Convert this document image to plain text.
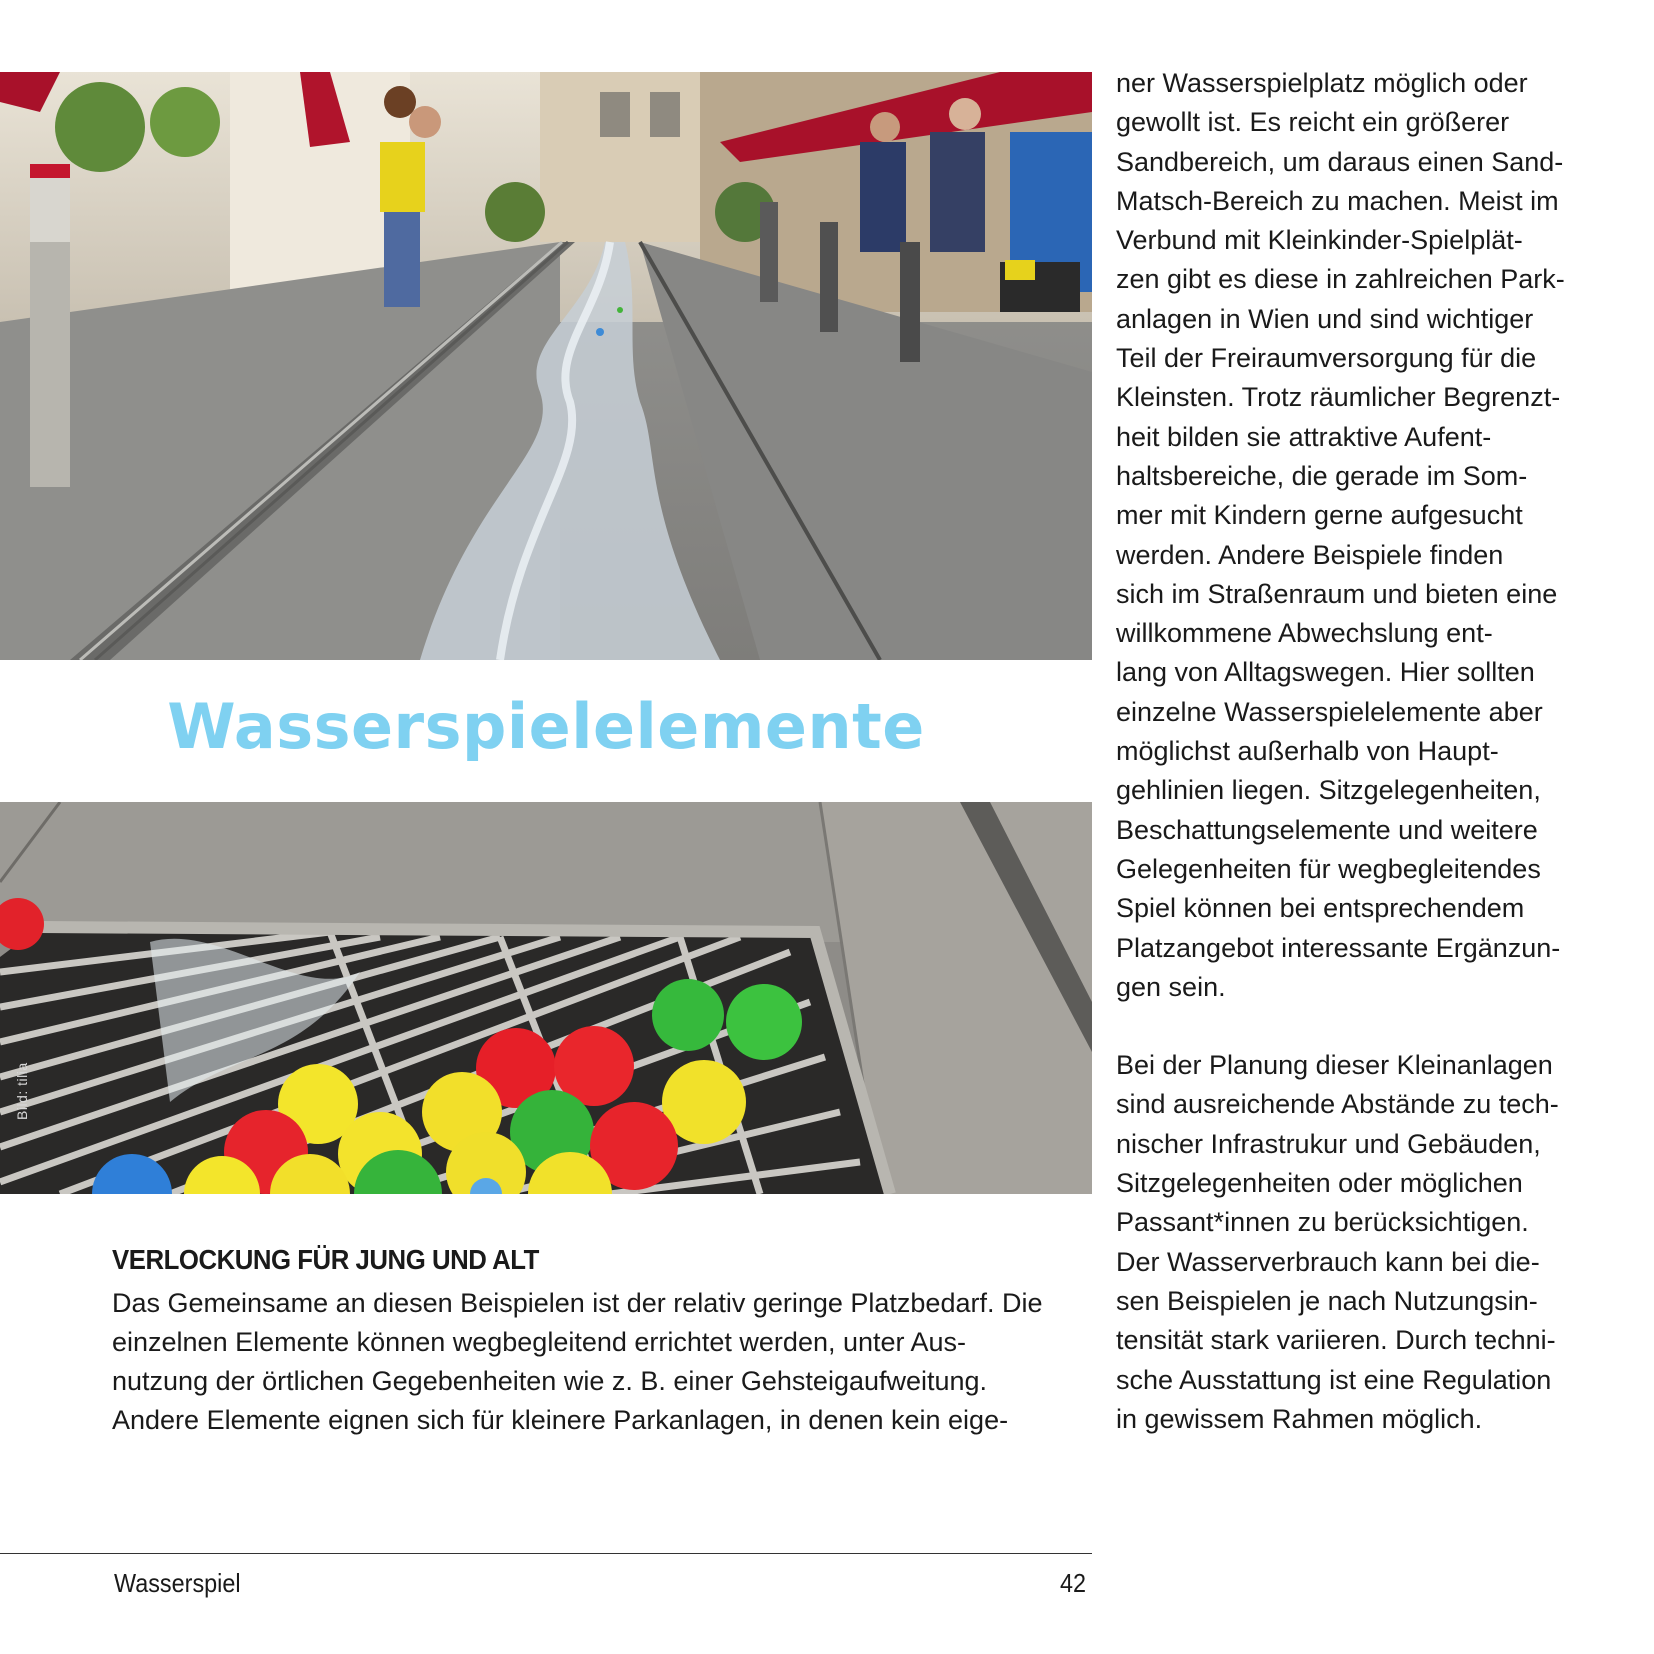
Wasserspielelemente
Bild: tilia
VERLOCKUNG FÜR JUNG UND ALT
Das Gemeinsame an diesen Beispielen ist der relativ geringe Platzbedarf. Die
einzelnen Elemente können wegbegleitend errichtet werden, unter Aus-
nutzung der örtlichen Gegebenheiten wie z. B. einer Gehsteigaufweitung.
Andere Elemente eignen sich für kleinere Parkanlagen, in denen kein eige-
ner Wasserspielplatz möglich oder
gewollt ist. Es reicht ein größerer
Sandbereich, um daraus einen Sand-
Matsch-Bereich zu machen. Meist im
Verbund mit Kleinkinder-Spielplät-
zen gibt es diese in zahlreichen Park-
anlagen in Wien und sind wichtiger
Teil der Freiraumversorgung für die
Kleinsten. Trotz räumlicher Begrenzt-
heit bilden sie attraktive Aufent-
haltsbereiche, die gerade im Som-
mer mit Kindern gerne aufgesucht
werden. Andere Beispiele finden
sich im Straßenraum und bieten eine
willkommene Abwechslung ent-
lang von Alltagswegen. Hier sollten
einzelne Wasserspielelemente aber
möglichst außerhalb von Haupt-
gehlinien liegen. Sitzgelegenheiten,
Beschattungselemente und weitere
Gelegenheiten für wegbegleitendes
Spiel können bei entsprechendem
Platzangebot interessante Ergänzun-
gen sein.
Bei der Planung dieser Kleinanlagen
sind ausreichende Abstände zu tech-
nischer Infrastrukur und Gebäuden,
Sitzgelegenheiten oder möglichen
Passant*innen zu berücksichtigen.
Der Wasserverbrauch kann bei die-
sen Beispielen je nach Nutzungsin-
tensität stark variieren. Durch techni-
sche Ausstattung ist eine Regulation
in gewissem Rahmen möglich.
Wasserspiel	42
